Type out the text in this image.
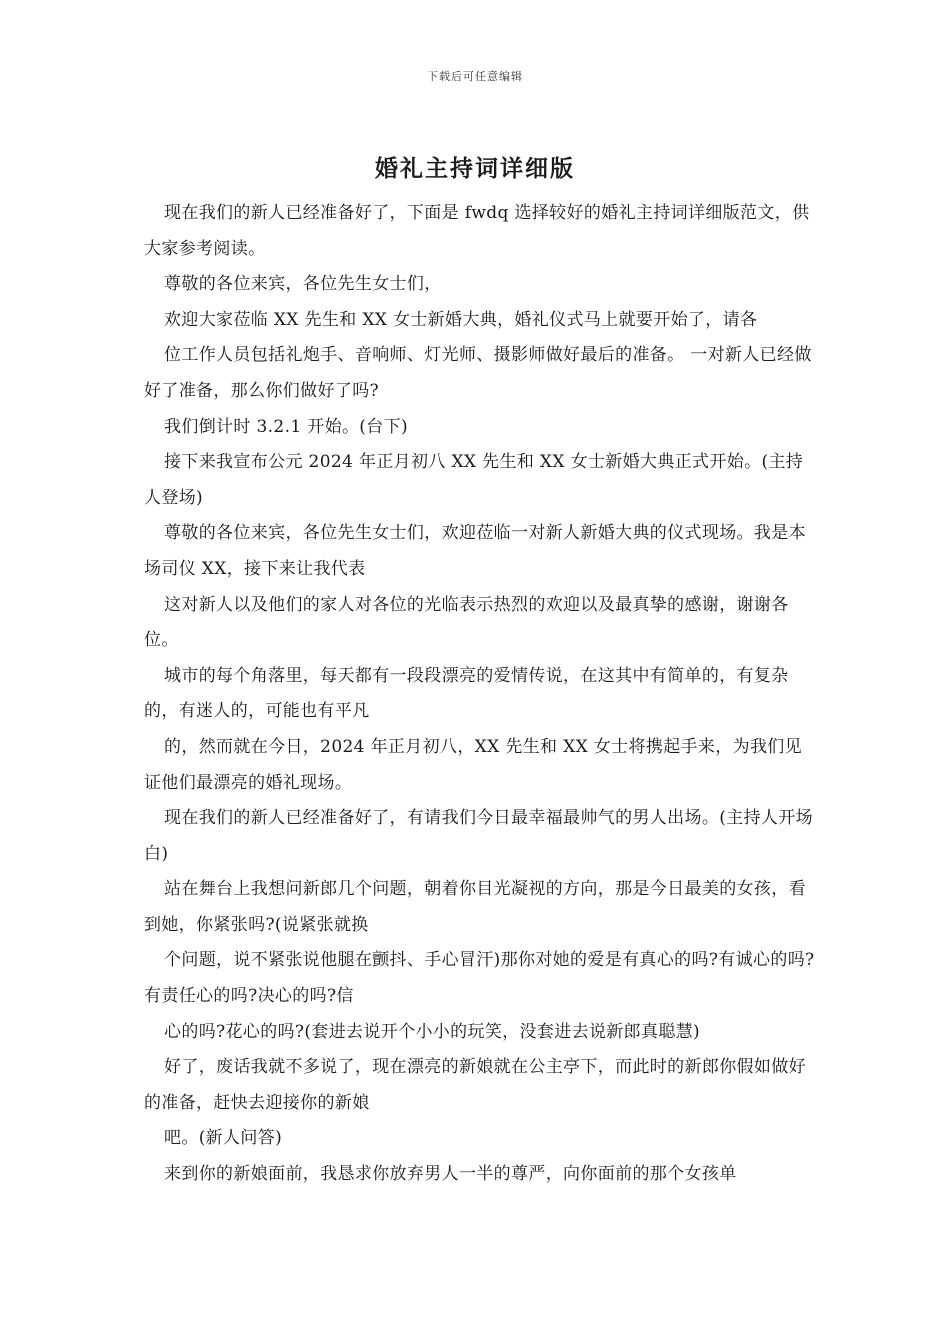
下载后可任意编辑
婚礼主持词详细版

现在我们的新人已经准备好了，下面是 fwdq 选择较好的婚礼主持词详细版范文，供大家参考阅读。

尊敬的各位来宾，各位先生女士们，

欢迎大家莅临 XX 先生和 XX 女士新婚大典，婚礼仪式马上就要开始了，请各

位工作人员包括礼炮手、音响师、灯光师、摄影师做好最后的准备。 一对新人已经做好了准备，那么你们做好了吗?

我们倒计时 3.2.1 开始。(台下)

接下来我宣布公元 2024 年正月初八 XX 先生和 XX 女士新婚大典正式开始。(主持人登场)

尊敬的各位来宾，各位先生女士们，欢迎莅临一对新人新婚大典的仪式现场。我是本场司仪 XX，接下来让我代表

这对新人以及他们的家人对各位的光临表示热烈的欢迎以及最真挚的感谢，谢谢各位。

城市的每个角落里，每天都有一段段漂亮的爱情传说，在这其中有简单的，有复杂的，有迷人的，可能也有平凡

的，然而就在今日，2024 年正月初八，XX 先生和 XX 女士将携起手来，为我们见证他们最漂亮的婚礼现场。

现在我们的新人已经准备好了，有请我们今日最幸福最帅气的男人出场。(主持人开场白)

站在舞台上我想问新郎几个问题，朝着你目光凝视的方向，那是今日最美的女孩，看到她，你紧张吗?(说紧张就换

个问题，说不紧张说他腿在颤抖、手心冒汗)那你对她的爱是有真心的吗?有诚心的吗?有责任心的吗?决心的吗?信

心的吗?花心的吗?(套进去说开个小小的玩笑，没套进去说新郎真聪慧)

好了，废话我就不多说了，现在漂亮的新娘就在公主亭下，而此时的新郎你假如做好的准备，赶快去迎接你的新娘

吧。(新人问答)

来到你的新娘面前，我恳求你放弃男人一半的尊严，向你面前的那个女孩单
